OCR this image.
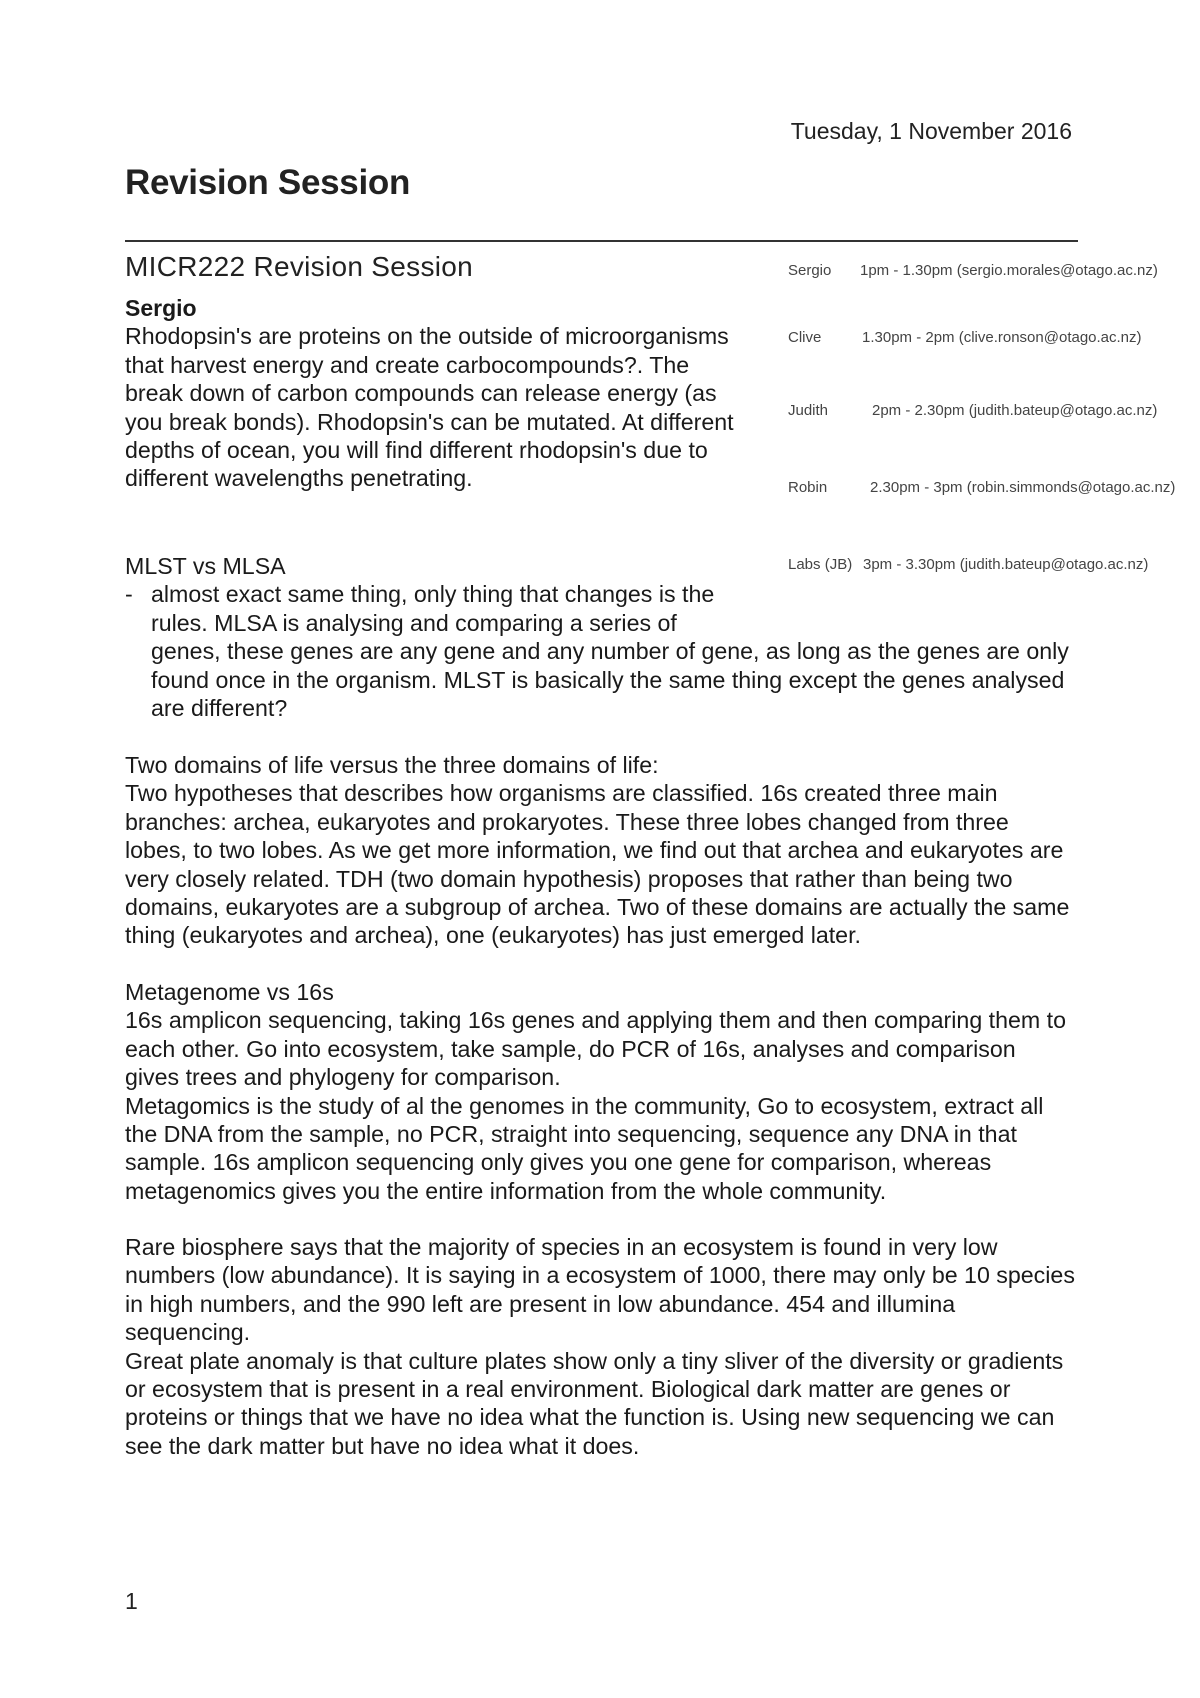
Tuesday, 1 November 2016
Revision Session
MICR222 Revision Session	Sergio 1pm - 1.30pm (sergio.morales@otago.ac.nz)
Clive	1.30pm - 2pm (clive.ronson@otago.ac.nz)
Judith	2pm - 2.30pm (judith.bateup@otago.ac.nz)
Robin	2.30pm - 3pm (robin.simmonds@otago.ac.nz)
Labs (JB) 3pm - 3.30pm (judith.bateup@otago.ac.nz)

Sergio

Rhodopsin's are proteins on the outside of microorganisms that harvest energy and create carbocompounds?. The break down of carbon compounds can release energy (as you break bonds). Rhodopsin's can be mutated. At different depths of ocean, you will find different rhodopsin's due to different wavelengths penetrating.

MLST vs MLSA

- almost exact same thing, only thing that changes is the rules. MLSA is analysing and comparing a series of
genes, these genes are any gene and any number of gene, as long as the genes are only found once in the organism. MLST is basically the same thing except the genes analysed are different?

Two domains of life versus the three domains of life:

Two hypotheses that describes how organisms are classified. 16s created three main branches: archea, eukaryotes and prokaryotes. These three lobes changed from three lobes, to two lobes. As we get more information, we find out that archea and eukaryotes are very closely related. TDH (two domain hypothesis) proposes that rather than being two domains, eukaryotes are a subgroup of archea. Two of these domains are actually the same thing (eukaryotes and archea), one (eukaryotes) has just emerged later.

Metagenome vs 16s

16s amplicon sequencing, taking 16s genes and applying them and then comparing them to each other. Go into ecosystem, take sample, do PCR of 16s, analyses and comparison gives trees and phylogeny for comparison.

Metagomics is the study of al the genomes in the community, Go to ecosystem, extract all the DNA from the sample, no PCR, straight into sequencing, sequence any DNA in that sample. 16s amplicon sequencing only gives you one gene for comparison, whereas metagenomics gives you the entire information from the whole community.

Rare biosphere says that the majority of species in an ecosystem is found in very low numbers (low abundance). It is saying in a ecosystem of 1000, there may only be 10 species in high numbers, and the 990 left are present in low abundance. 454 and illumina sequencing.

Great plate anomaly is that culture plates show only a tiny sliver of the diversity or gradients or ecosystem that is present in a real environment. Biological dark matter are genes or proteins or things that we have no idea what the function is. Using new sequencing we can see the dark matter but have no idea what it does.

1
